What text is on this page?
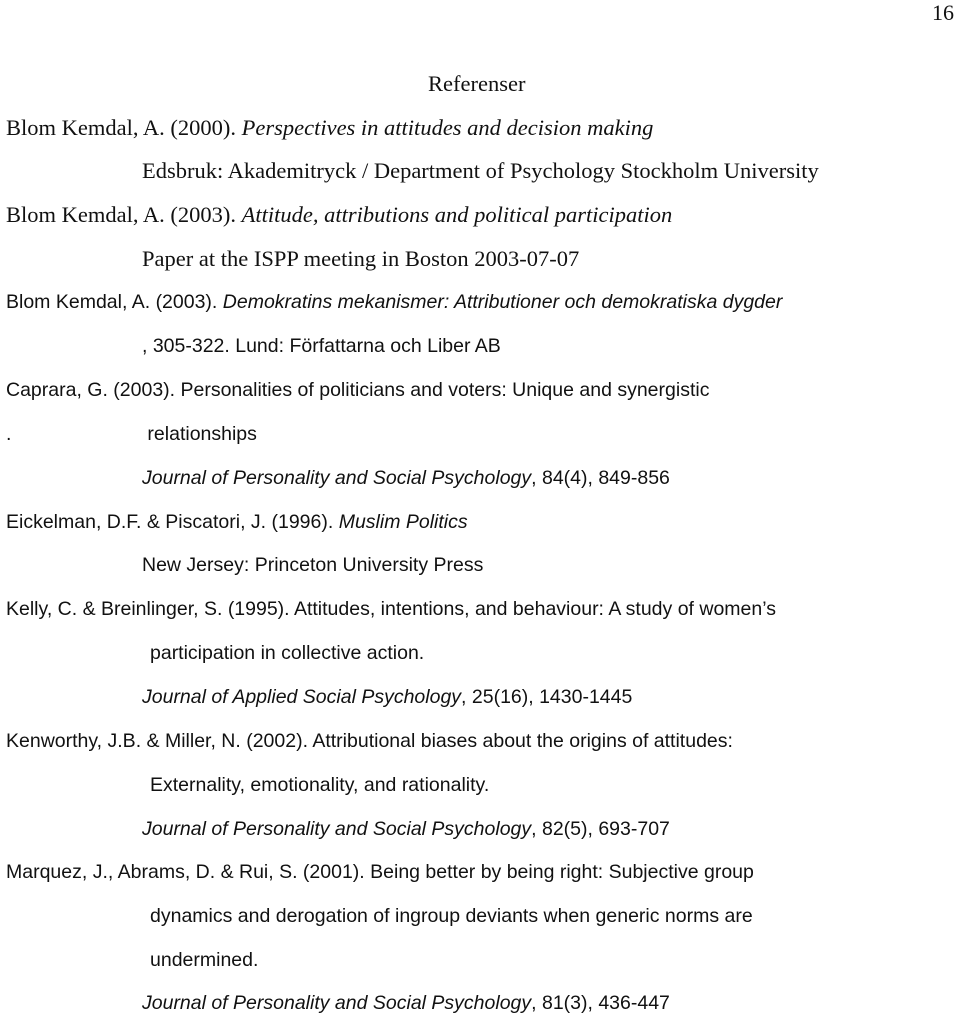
16
Referenser
Blom Kemdal, A. (2000). Perspectives in attitudes and decision making
Edsbruk: Akademitryck / Department of Psychology Stockholm University
Blom Kemdal, A. (2003). Attitude, attributions and political participation
Paper at the ISPP meeting in Boston 2003-07-07
Blom Kemdal, A. (2003). Demokratins mekanismer: Attributioner och demokratiska dygder
, 305-322. Lund: Författarna och Liber AB
Caprara, G. (2003). Personalities of politicians and voters: Unique and synergistic
.	relationships
Journal of Personality and Social Psychology, 84(4), 849-856
Eickelman, D.F. & Piscatori, J. (1996). Muslim Politics
New Jersey: Princeton University Press
Kelly, C. & Breinlinger, S. (1995). Attitudes, intentions, and behaviour: A study of women’s
participation in collective action.
Journal of Applied Social Psychology, 25(16), 1430-1445
Kenworthy, J.B. & Miller, N. (2002). Attributional biases about the origins of attitudes:
Externality, emotionality, and rationality.
Journal of Personality and Social Psychology, 82(5), 693-707
Marquez, J., Abrams, D. & Rui, S. (2001). Being better by being right: Subjective group
dynamics and derogation of ingroup deviants when generic norms are
undermined.
Journal of Personality and Social Psychology, 81(3), 436-447
